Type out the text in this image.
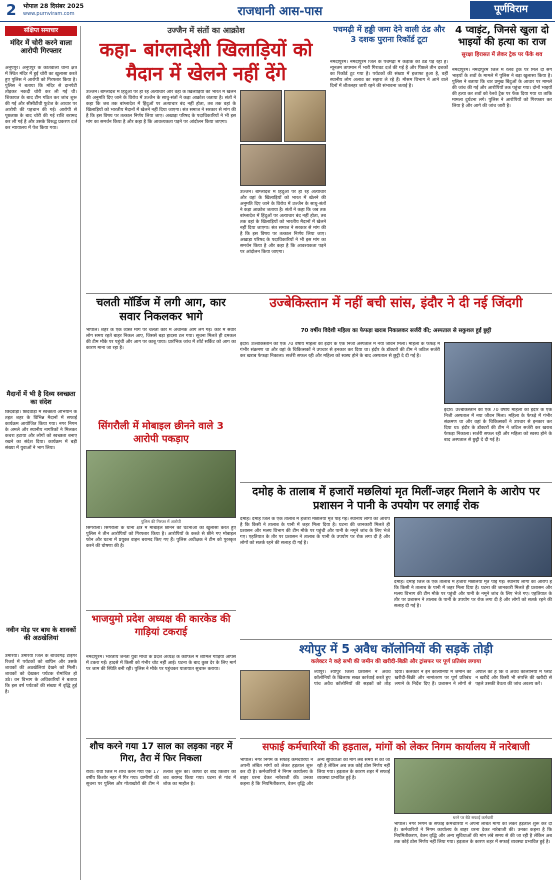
2	भोपाल 28 दिसंबर 2025
www.purnviram.com	राजधानी आस-पास	पूर्णविराम
संक्षिप्त समाचार
मंदिर में चोरी करने वाला आरोपी गिरफ्तार
अनूपपुर। अनूपपुर के कोतवाली थाना क्षेत्र में स्थित मंदिर में हुई चोरी का खुलासा करते हुए पुलिस ने आरोपी को गिरफ्तार किया है। पुलिस ने बताया कि मंदिर से दानपेटी तोड़कर नकदी चोरी कर ली गई थी। शिकायत के बाद टीम गठित कर जांच शुरू की गई और सीसीटीवी फुटेज के आधार पर आरोपी की पहचान की गई। आरोपी से पूछताछ के बाद चोरी की गई राशि बरामद कर ली गई है और उसके विरुद्ध प्रकरण दर्ज कर न्यायालय में पेश किया गया।
मैदानों में भी है दिव्य स्वच्छता का संदेश
छिंदवाड़ा। छिंदवाड़ा में स्वच्छता अभियान के तहत शहर के विभिन्न मैदानों में सफाई कार्यक्रम आयोजित किया गया। नगर निगम के अमले और स्थानीय नागरिकों ने मिलकर कचरा हटाया और लोगों को स्वच्छता बनाए रखने का संदेश दिया। कार्यक्रम में बड़ी संख्या में युवाओं ने भाग लिया।
नवीन मोड़ पर बाघ के शावकों की अठखेलियां
उमरिया। उमरिया जिले के बांधवगढ़ टाइगर रिजर्व में पर्यटकों को बाघिन और उसके शावकों की अठखेलियां देखने को मिलीं। शावकों को देखकर पर्यटक रोमांचित हो उठे। वन विभाग के अधिकारियों ने बताया कि इस वर्ष पर्यटकों की संख्या में वृद्धि हुई है।
उज्जैन में संतों का आक्रोश
कहा- बांग्लादेशी खिलाड़ियों को मैदान में खेलने नहीं देंगे
उज्जैन। बांग्लादेश में हिंदुओं पर हो रहे अत्याचार और वहां के खिलाड़ियों को भारत में खेलने की अनुमति दिए जाने के विरोध में उज्जैन के साधु-संतों ने कड़ा आक्रोश जताया है। संतों ने कहा कि जब तक बांग्लादेश में हिंदुओं पर अत्याचार बंद नहीं होता, तब तक वहां के खिलाड़ियों को भारतीय मैदानों में खेलने नहीं दिया जाएगा। संत समाज ने सरकार से मांग की है कि इस विषय पर तत्काल निर्णय लिया जाए। अखाड़ा परिषद के पदाधिकारियों ने भी इस मांग का समर्थन किया है और कहा है कि आवश्यकता पड़ने पर आंदोलन किया जाएगा।
उज्जैन। बांग्लादेश में हिंदुओं पर हो रहे अत्याचार और वहां के खिलाड़ियों को भारत में खेलने की अनुमति दिए जाने के विरोध में उज्जैन के साधु-संतों ने कड़ा आक्रोश जताया है। संतों ने कहा कि जब तक बांग्लादेश में हिंदुओं पर अत्याचार बंद नहीं होता, तब तक वहां के खिलाड़ियों को भारतीय मैदानों में खेलने नहीं दिया जाएगा। संत समाज ने सरकार से मांग की है कि इस विषय पर तत्काल निर्णय लिया जाए। अखाड़ा परिषद के पदाधिकारियों ने भी इस मांग का समर्थन किया है और कहा है कि आवश्यकता पड़ने पर आंदोलन किया जाएगा।
पचमढ़ी में हड्डी जमा देने वाली ठंड और 3 दशक पुराना रिकॉर्ड टूटा
नर्मदापुरम। नर्मदापुरम जिले के पचमढ़ी में कड़ाके की ठंड पड़ रही है। न्यूनतम तापमान में भारी गिरावट दर्ज की गई है और पिछले तीन दशकों का रिकॉर्ड टूट गया है। पर्यटकों की संख्या में इजाफा हुआ है, वहीं स्थानीय लोग अलाव का सहारा ले रहे हैं। मौसम विभाग ने आने वाले दिनों में शीतलहर जारी रहने की संभावना जताई है।
4 प्वाइंट, जिनसे खुला दो भाइयों की हत्या का राज
सुरक्षा हिरासत में लेकर ट्रेक पर फेंके शव
नर्मदापुरम। नर्मदापुरम जिले में रेलवे ट्रैक पर मिले दो सगे भाइयों के शवों के मामले में पुलिस ने बड़ा खुलासा किया है। पुलिस ने बताया कि चार प्रमुख बिंदुओं के आधार पर मामले की जांच की गई और आरोपियों तक पहुंचा गया। दोनों भाइयों की हत्या कर शवों को रेलवे ट्रैक पर फेंक दिया गया था ताकि मामला दुर्घटना लगे। पुलिस ने आरोपियों को गिरफ्तार कर लिया है और आगे की जांच जारी है।
चलती मॉर्डिज में लगी आग, कार सवार निकलकर भागे
भोपाल। शहर के एक व्यस्त मार्ग पर चलती कार में अचानक आग लग गई। कार में सवार लोग समय रहते बाहर निकल आए, जिससे बड़ा हादसा टल गया। सूचना मिलते ही दमकल की टीम मौके पर पहुंची और आग पर काबू पाया। प्रारंभिक जांच में शॉर्ट सर्किट को आग का कारण माना जा रहा है।
उज्बेकिस्तान में नहीं बची सांस, इंदौर ने दी नई जिंदगी
70 वर्षीय विदेशी महिला का फेफड़ा खराब निकालकर सर्जरी की; अस्पताल से सकुशल हुईं छुट्टी
इंदौर। उज्बेकिस्तान की एक 70 वर्षीय महिला को इंदौर के एक निजी अस्पताल में नया जीवन मिला। महिला के फेफड़े में गंभीर संक्रमण था और वहां के चिकित्सकों ने उपचार से इनकार कर दिया था। इंदौर के डॉक्टरों की टीम ने जटिल सर्जरी कर खराब फेफड़ा निकाला। सर्जरी सफल रही और महिला को स्वस्थ होने के बाद अस्पताल से छुट्टी दे दी गई है।
इंदौर। उज्बेकिस्तान की एक 70 वर्षीय महिला को इंदौर के एक निजी अस्पताल में नया जीवन मिला। महिला के फेफड़े में गंभीर संक्रमण था और वहां के चिकित्सकों ने उपचार से इनकार कर दिया था। इंदौर के डॉक्टरों की टीम ने जटिल सर्जरी कर खराब फेफड़ा निकाला। सर्जरी सफल रही और महिला को स्वस्थ होने के बाद अस्पताल से छुट्टी दे दी गई है।
सिंगरौली में मोबाइल छीनने वाले 3 आरोपी पकड़ाए
पुलिस की गिरफ्त में आरोपी
सिंगरौली। सिंगरौली के थाना क्षेत्र में मोबाइल छीनने की घटनाओं का खुलासा करते हुए पुलिस ने तीन आरोपियों को गिरफ्तार किया है। आरोपियों के कब्जे से छीने गए मोबाइल फोन और घटना में प्रयुक्त वाहन बरामद किए गए हैं। पुलिस अधीक्षक ने टीम को पुरस्कृत करने की घोषणा की है।
दमोह के तालाब में हजारों मछलियां मृत मिलीं-जहर मिलाने के आरोप पर प्रशासन ने पानी के उपयोग पर लगाई रोक
दमोह। दमोह जिले के एक तालाब में हजारों मछलियां मृत पाई गईं। स्थानीय लोगों का आरोप है कि किसी ने तालाब के पानी में जहर मिला दिया है। घटना की जानकारी मिलते ही प्रशासन और मत्स्य विभाग की टीम मौके पर पहुंची और पानी के नमूने जांच के लिए भेजे गए। एहतियात के तौर पर प्रशासन ने तालाब के पानी के उपयोग पर रोक लगा दी है और लोगों को सतर्क रहने की सलाह दी गई है।
दमोह। दमोह जिले के एक तालाब में हजारों मछलियां मृत पाई गईं। स्थानीय लोगों का आरोप है कि किसी ने तालाब के पानी में जहर मिला दिया है। घटना की जानकारी मिलते ही प्रशासन और मत्स्य विभाग की टीम मौके पर पहुंची और पानी के नमूने जांच के लिए भेजे गए। एहतियात के तौर पर प्रशासन ने तालाब के पानी के उपयोग पर रोक लगा दी है और लोगों को सतर्क रहने की सलाह दी गई है।
भाजयुमो प्रदेश अध्यक्ष की कारकेड की गाड़ियां टकराई
नर्मदापुरम। भारतीय जनता युवा मोर्चा के प्रदेश अध्यक्ष के काफिले में शामिल गाड़ियां आपस में टकरा गईं। हादसे में किसी को गंभीर चोट नहीं आई। घटना के बाद कुछ देर के लिए मार्ग पर जाम की स्थिति बनी रही। पुलिस ने मौके पर पहुंचकर यातायात सुचारू कराया।
श्योपुर में 5 अवैध कॉलोनियों की सड़कें तोड़ी
कलेक्टर ने कहे सभी की जमीन की खरीदी-बिक्री और ट्रांसफर पर पूर्ण प्रतिबंध लगाया
श्योपुर। श्योपुर जिला प्रशासन ने अवैध कॉलोनियों के खिलाफ सख्त कार्रवाई करते हुए पांच अवैध कॉलोनियों की सड़कों को तोड़ दिया। कलेक्टर ने इन कॉलोनियों में जमीन की खरीदी-बिक्री और नामांतरण पर पूर्ण प्रतिबंध लगाने के निर्देश दिए हैं। प्रशासन ने लोगों से अपील की है कि वे अवैध कॉलोनियों में प्लॉट न खरीदें और किसी भी संपत्ति की खरीदी से पहले उसकी वैधता की जांच अवश्य करें।
शौच करने गया 17 साल का लड़का नहर में गिरा, तैरा में फिर निकला
रीवा। रीवा जिले में शौच करने गया एक 17 वर्षीय किशोर नहर में गिर गया। ग्रामीणों की सूचना पर पुलिस और गोताखोरों की टीम ने तलाश शुरू की। काफी देर बाद किशोर का शव बरामद किया गया। घटना से गांव में शोक का माहौल है।
सफाई कर्मचारियों की हड़ताल, मांगों को लेकर निगम कार्यालय में नारेबाजी
भोपाल। नगर निगम के सफाई कर्मचारियों ने अपनी लंबित मांगों को लेकर हड़ताल शुरू कर दी है। कर्मचारियों ने निगम कार्यालय के बाहर धरना देकर नारेबाजी की। उनका कहना है कि नियमितीकरण, वेतन वृद्धि और अन्य सुविधाओं की मांग लंबे समय से की जा रही है लेकिन अब तक कोई ठोस निर्णय नहीं लिया गया। हड़ताल के कारण शहर में सफाई व्यवस्था प्रभावित हुई है।
धरने पर बैठे सफाई कर्मचारी
भोपाल। नगर निगम के सफाई कर्मचारियों ने अपनी लंबित मांगों को लेकर हड़ताल शुरू कर दी है। कर्मचारियों ने निगम कार्यालय के बाहर धरना देकर नारेबाजी की। उनका कहना है कि नियमितीकरण, वेतन वृद्धि और अन्य सुविधाओं की मांग लंबे समय से की जा रही है लेकिन अब तक कोई ठोस निर्णय नहीं लिया गया। हड़ताल के कारण शहर में सफाई व्यवस्था प्रभावित हुई है।
